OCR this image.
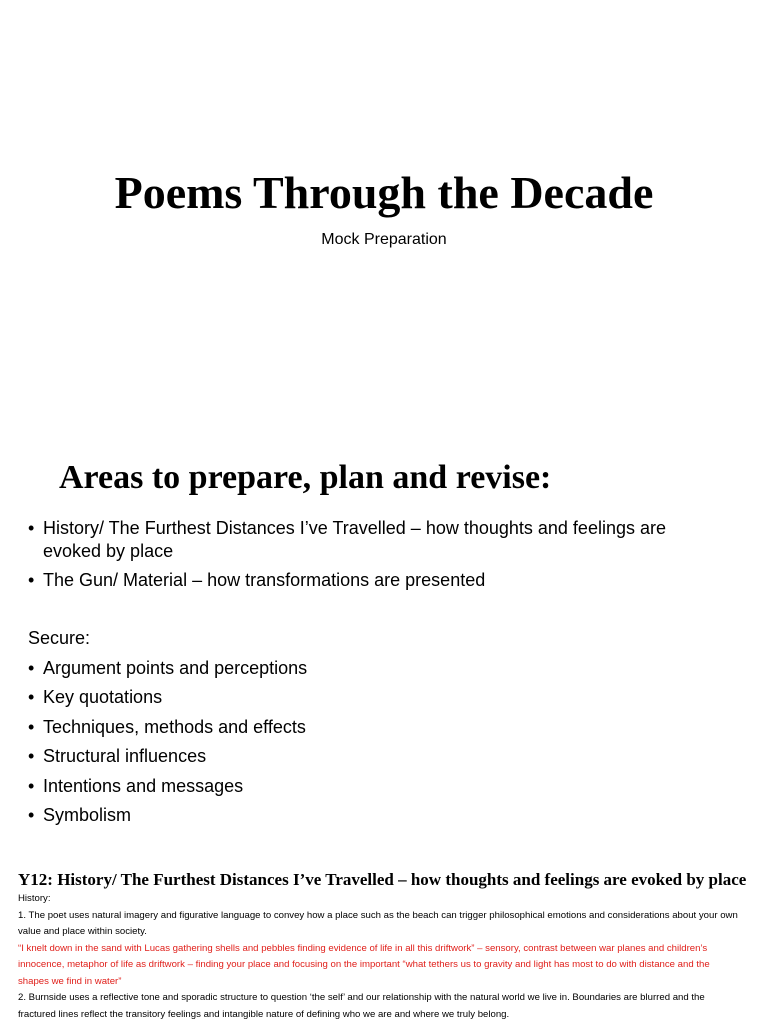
Poems Through the Decade

Mock Preparation

Areas to prepare, plan and revise:
• History/ The Furthest Distances I’ve Travelled – how thoughts and feelings are evoked by place
• The Gun/ Material – how transformations are presented

Secure:

• Argument points and perceptions
• Key quotations
• Techniques, methods and effects
• Structural influences
• Intentions and messages
• Symbolism
Y12: History/ The Furthest Distances I’ve Travelled – how thoughts and feelings are evoked by place

History:

1. The poet uses natural imagery and figurative language to convey how a place such as the beach can trigger philosophical emotions and considerations about your own value and place within society.

“I knelt down in the sand with Lucas gathering shells and pebbles finding evidence of life in all this driftwork” – sensory, contrast between war planes and children’s innocence, metaphor of life as driftwork – finding your place and focusing on the important “what tethers us to gravity and light has most to do with distance and the shapes we find in water”

2. Burnside uses a reflective tone and sporadic structure to question ‘the self’ and our relationship with the natural world we live in. Boundaries are blurred and the fractured lines reflect the transitory feelings and intangible nature of defining who we are and where we truly belong.
